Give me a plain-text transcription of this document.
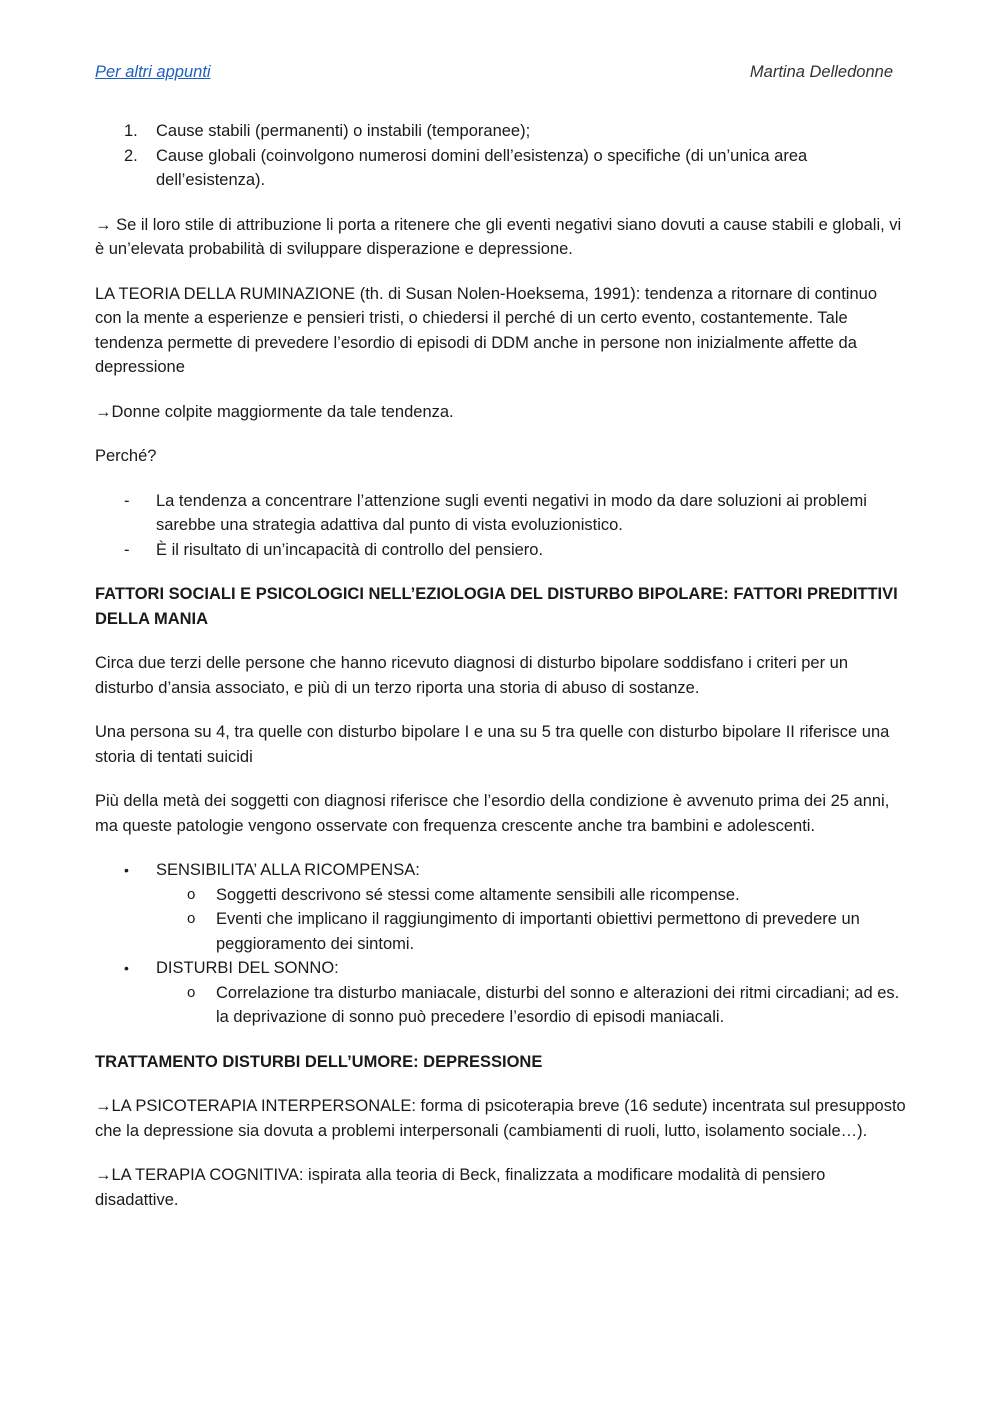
Per altri appunti	Martina Delledonne
1. Cause stabili (permanenti) o instabili (temporanee);
2. Cause globali (coinvolgono numerosi domini dell’esistenza) o specifiche (di un’unica area dell’esistenza).

→ Se il loro stile di attribuzione li porta a ritenere che gli eventi negativi siano dovuti a cause stabili e globali, vi è un’elevata probabilità di sviluppare disperazione e depressione.

LA TEORIA DELLA RUMINAZIONE (th. di Susan Nolen-Hoeksema, 1991): tendenza a ritornare di continuo con la mente a esperienze e pensieri tristi, o chiedersi il perché di un certo evento, costantemente. Tale tendenza permette di prevedere l’esordio di episodi di DDM anche in persone non inizialmente affette da depressione

→Donne colpite maggiormente da tale tendenza.

Perché?

- La tendenza a concentrare l’attenzione sugli eventi negativi in modo da dare soluzioni ai problemi sarebbe una strategia adattiva dal punto di vista evoluzionistico.
- È il risultato di un’incapacità di controllo del pensiero.
FATTORI SOCIALI E PSICOLOGICI NELL’EZIOLOGIA DEL DISTURBO BIPOLARE: FATTORI PREDITTIVI DELLA MANIA

Circa due terzi delle persone che hanno ricevuto diagnosi di disturbo bipolare soddisfano i criteri per un disturbo d’ansia associato, e più di un terzo riporta una storia di abuso di sostanze.

Una persona su 4, tra quelle con disturbo bipolare I e una su 5 tra quelle con disturbo bipolare II riferisce una storia di tentati suicidi

Più della metà dei soggetti con diagnosi riferisce che l’esordio della condizione è avvenuto prima dei 25 anni, ma queste patologie vengono osservate con frequenza crescente anche tra bambini e adolescenti.

• SENSIBILITA’ ALLA RICOMPENSA:
o Soggetti descrivono sé stessi come altamente sensibili alle ricompense.
o Eventi che implicano il raggiungimento di importanti obiettivi permettono di prevedere un peggioramento dei sintomi.
• DISTURBI DEL SONNO:
o Correlazione tra disturbo maniacale, disturbi del sonno e alterazioni dei ritmi circadiani; ad es. la deprivazione di sonno può precedere l’esordio di episodi maniacali.
TRATTAMENTO DISTURBI DELL’UMORE: DEPRESSIONE

→LA PSICOTERAPIA INTERPERSONALE: forma di psicoterapia breve (16 sedute) incentrata sul presupposto che la depressione sia dovuta a problemi interpersonali (cambiamenti di ruoli, lutto, isolamento sociale…).

→LA TERAPIA COGNITIVA: ispirata alla teoria di Beck, finalizzata a modificare modalità di pensiero disadattive.
